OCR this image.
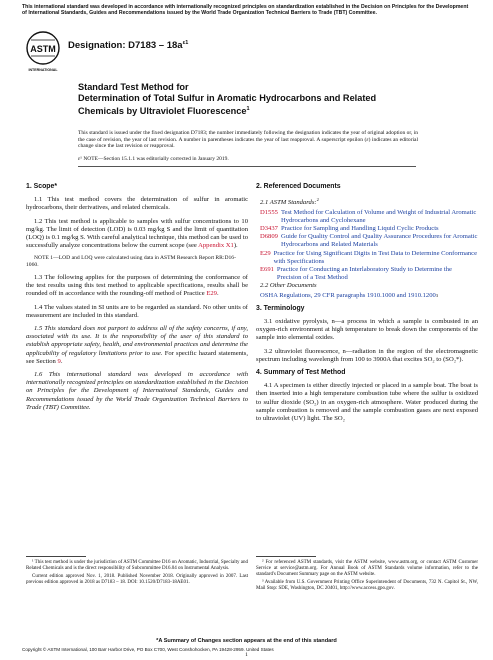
This international standard was developed in accordance with internationally recognized principles on standardization established in the Decision on Principles for the Development of International Standards, Guides and Recommendations issued by the World Trade Organization Technical Barriers to Trade (TBT) Committee.
ASTM
INTERNATIONAL
Designation: $D7183 - 18a^{\varepsilon 1}$
Standard Test Method for
Determination of Total Sulfur in Aromatic Hydrocarbons and Related Chemicals by Ultraviolet Fluorescence$^1$
This standard is issued under the fixed designation D7183; the number immediately following the designation indicates the year of original adoption or, in the case of revision, the year of last revision. A number in parentheses indicates the year of last reapproval. A superscript epsilon (ε) indicates an editorial change since the last revision or reapproval.
ε¹ NOTE—Section 15.1.1 was editorially corrected in January 2019.
1. Scope*
1.1 This test method covers the determination of sulfur in aromatic hydrocarbons, their derivatives, and related chemicals.
1.2 This test method is applicable to samples with sulfur concentrations to 10 mg/kg. The limit of detection (LOD) is 0.03 mg/kg S and the limit of quantitation (LOQ) is 0.1 mg/kg S. With careful analytical technique, this method can be used to successfully analyze concentrations below the current scope (see Appendix X1).
NOTE 1—LOD and LOQ were calculated using data in ASTM Research Report RR:D16-1060.
1.3 The following applies for the purposes of determining the conformance of the test results using this test method to applicable specifications, results shall be rounded off in accordance with the rounding-off method of Practice E29.
1.4 The values stated in SI units are to be regarded as standard. No other units of measurement are included in this standard.
1.5 This standard does not purport to address all of the safety concerns, if any, associated with its use. It is the responsibility of the user of this standard to establish appropriate safety, health, and environmental practices and determine the applicability of regulatory limitations prior to use. For specific hazard statements, see Section 9.
1.6 This international standard was developed in accordance with internationally recognized principles on standardization established in the Decision on Principles for the Development of International Standards, Guides and Recommendations issued by the World Trade Organization Technical Barriers to Trade (TBT) Committee.
2. Referenced Documents
2.1 ASTM Standards:$^2$
D1555 Test Method for Calculation of Volume and Weight of Industrial Aromatic Hydrocarbons and Cyclohexane
D3437 Practice for Sampling and Handling Liquid Cyclic Products
D6809 Guide for Quality Control and Quality Assurance Procedures for Aromatic Hydrocarbons and Related Materials
E29 Practice for Using Significant Digits in Test Data to Determine Conformance with Specifications
E691 Practice for Conducting an Interlaboratory Study to Determine the Precision of a Test Method
2.2 Other Documents
OSHA Regulations, 29 CFR paragraphs 1910.1000 and 1910.1200 3
3. Terminology
3.1 oxidative pyrolysis, n—a process in which a sample is combusted in an oxygen-rich environment at high temperature to break down the components of the sample into elemental oxides.
3.2 ultraviolet fluorescence, n—radiation in the region of the electromagnetic spectrum including wavelength from 100 to 3900A that excites SO₂ to (SO₂*).
4. Summary of Test Method
4.1 A specimen is either directly injected or placed in a sample boat. The boat is then inserted into a high temperature combustion tube where the sulfur is oxidized to sulfur dioxide (SO₂) in an oxygen-rich atmosphere. Water produced during the sample combustion is removed and the sample combustion gases are next exposed to ultraviolet (UV) light. The SO₂
¹ This test method is under the jurisdiction of ASTM Committee D16 on Aromatic, Industrial, Specialty and Related Chemicals and is the direct responsibility of Subcommittee D16.04 on Instrumental Analysis.
Current edition approved Nov. 1, 2018. Published November 2018. Originally approved in 2007. Last previous edition approved in 2018 as D7183 – 18. DOI: 10.1520/D7183-18AE01.
² For referenced ASTM standards, visit the ASTM website, www.astm.org, or contact ASTM Customer Service at service@astm.org. For Annual Book of ASTM Standards volume information, refer to the standard's Document Summary page on the ASTM website.
³ Available from U.S. Government Printing Office Superintendent of Documents, 732 N. Capitol St., NW, Mail Stop: SDE, Washington, DC 20401, http://www.access.gpo.gov.
*A Summary of Changes section appears at the end of this standard
Copyright © ASTM International, 100 Barr Harbor Drive, PO Box C700, West Conshohocken, PA 19428-2959. United States
1
